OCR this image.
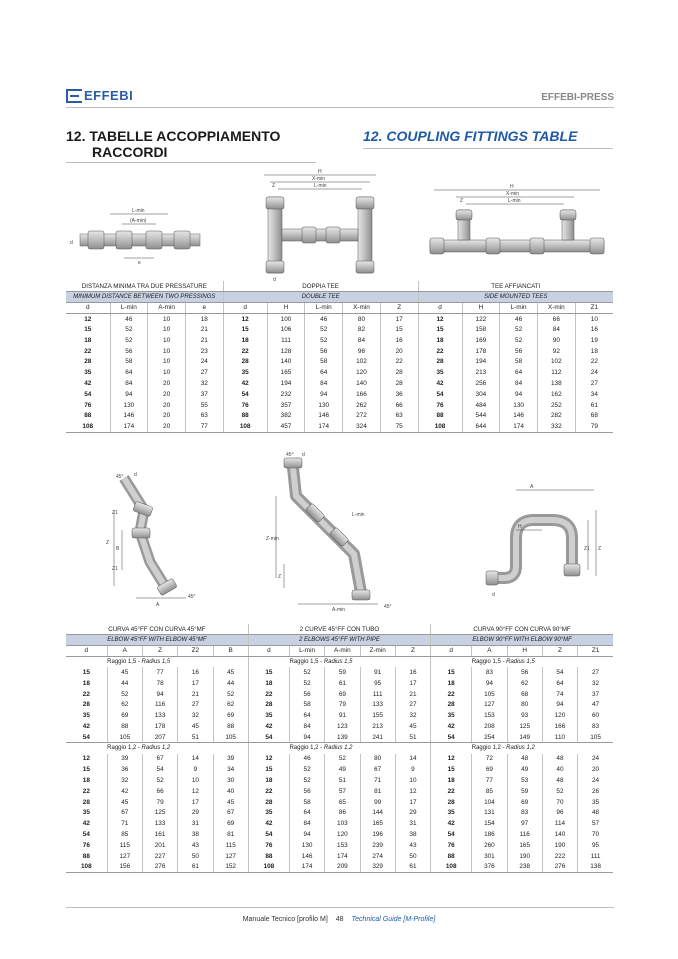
EFFEBI	EFFEBI-PRESS
12. TABELLE ACCOPPIAMENTO
RACCORDI
12. COUPLING FITTINGS TABLE
L-min
(A-min)
d
e
H
X-min
L-min
Z
d
H
X-min
L-min
Z
DISTANZA MINIMA TRA DUE PRESSATURE				DOPPIA TEE					TEE AFFIANCATI				
MINIMUM DISTANCE BETWEEN TWO PRESSINGS				DOUBLE TEE					SIDE MOUNTED TEES				
d	L-min	A-min	e	d	H	L-min	X-min	Z	d	H	L-min	X-min	Z1
12	46	10	18	12	100	46	80	17	12	122	46	66	10
15	52	10	21	15	106	52	82	15	15	158	52	84	16
18	52	10	21	18	111	52	84	16	18	169	52	90	19
22	56	10	23	22	128	56	96	20	22	178	56	92	18
28	58	10	24	28	140	58	102	22	28	194	58	102	22
35	64	10	27	35	165	64	120	28	35	213	64	112	24
42	84	20	32	42	194	84	140	28	42	256	84	138	27
54	94	20	37	54	232	94	166	36	54	304	94	162	34
76	130	20	55	76	357	130	262	66	76	484	130	252	61
88	146	20	63	88	382	146	272	63	88	544	146	282	68
108	174	20	77	108	457	174	324	75	108	644	174	332	79
45° d
Z
B
Z1
Z1
A
45°
45° d
Z-min
Z
L-min
A-min	45°
A
H
Z1 Z
d
CURVA 45°FF CON CURVA 45°MF					2 CURVE 45°FF CON TUBO					CURVA 90°FF CON CURVA 90°MF				
ELBOW 45°FF WITH ELBOW 45°MF					2 ELBOWS 45°FF WITH PIPE					ELBOW 90°FF WITH ELBOW 90°MF				
d	A	Z	Z2	B	d	L-min	A-min	Z-min	Z	d	A	H	Z	Z1
	Raggio 1,5 - Radius 1,5					Raggio 1,5 - Radius 1,5					Raggio 1,5 - Radius 1,5			
15	45	77	16	45	15	52	59	91	16	15	83	56	54	27
18	44	78	17	44	18	52	61	95	17	18	94	62	64	32
22	52	94	21	52	22	56	69	111	21	22	105	68	74	37
28	62	116	27	62	28	58	79	133	27	28	127	80	94	47
35	69	133	32	69	35	64	91	155	32	35	153	93	120	60
42	88	178	45	88	42	84	123	213	45	42	208	125	166	83
54	105	207	51	105	54	94	139	241	51	54	254	149	110	105
	Raggio 1,2 - Radius 1,2					Raggio 1,2 - Radius 1,2					Raggio 1,2 - Radius 1,2			
12	39	67	14	39	12	46	52	80	14	12	72	48	48	24
15	36	54	9	34	15	52	49	67	9	15	69	49	40	20
18	32	52	10	30	18	52	51	71	10	18	77	53	48	24
22	42	66	12	40	22	56	57	81	12	22	85	59	52	26
28	45	79	17	45	28	58	65	99	17	28	104	69	70	35
35	67	125	29	67	35	64	86	144	29	35	131	83	96	48
42	71	133	31	69	42	84	103	165	31	42	154	97	114	57
54	85	161	38	81	54	94	120	196	38	54	186	116	140	70
76	115	201	43	115	76	130	153	239	43	76	260	165	190	95
88	127	227	50	127	88	146	174	274	50	88	301	190	222	111
108	156	276	61	152	108	174	209	329	61	108	376	238	276	138
Manuale Tecnico [profilo M] 48 Technical Guide [M-Profile]
